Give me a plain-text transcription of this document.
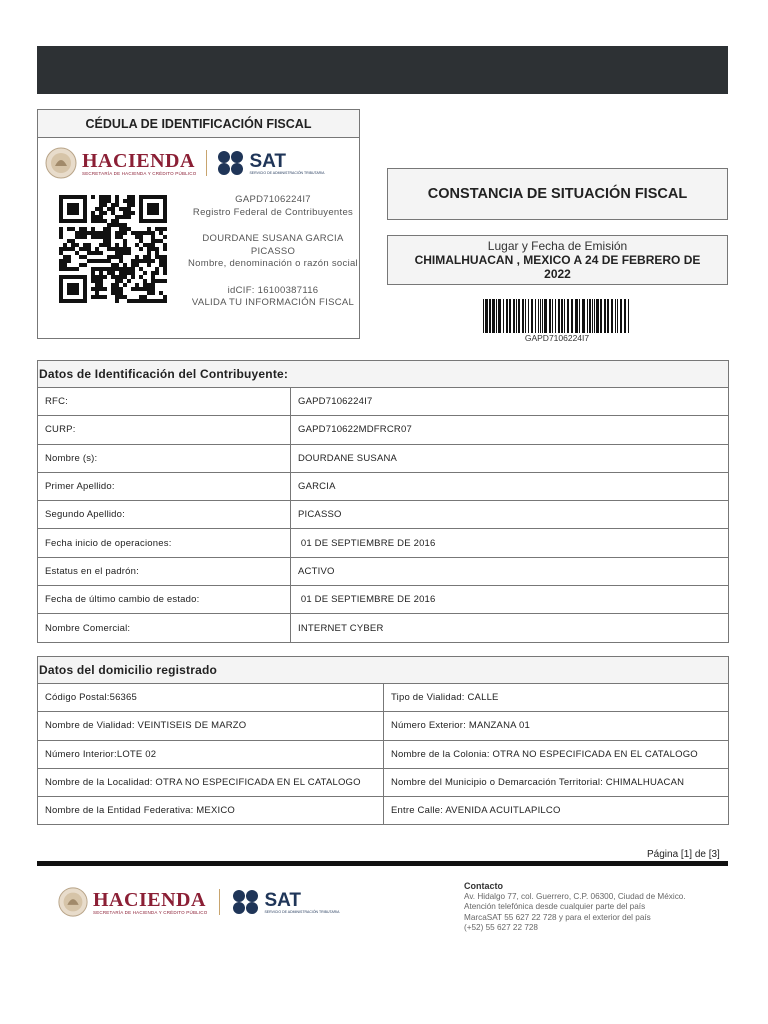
CÉDULA DE IDENTIFICACIÓN FISCAL
HACIENDA
SECRETARÍA DE HACIENDA Y CRÉDITO PÚBLICO
SAT
SERVICIO DE ADMINISTRACIÓN TRIBUTARIA
GAPD7106224I7
Registro Federal de Contribuyentes
DOURDANE SUSANA GARCIA PICASSO
Nombre, denominación o razón social
idCIF: 16100387116
VALIDA TU INFORMACIÓN FISCAL
CONSTANCIA DE SITUACIÓN FISCAL
Lugar y Fecha de Emisión
CHIMALHUACAN , MEXICO A 24 DE FEBRERO DE 2022
GAPD7106224I7
Datos de Identificación del Contribuyente:	
RFC:	GAPD7106224I7
CURP:	GAPD710622MDFRCR07
Nombre (s):	DOURDANE SUSANA
Primer Apellido:	GARCIA
Segundo Apellido:	PICASSO
Fecha inicio de operaciones:	01 DE SEPTIEMBRE DE 2016
Estatus en el padrón:	ACTIVO
Fecha de último cambio de estado:	01 DE SEPTIEMBRE DE 2016
Nombre Comercial:	INTERNET CYBER
Datos del domicilio registrado	
Código Postal:56365	Tipo de Vialidad: CALLE
Nombre de Vialidad: VEINTISEIS DE MARZO	Número Exterior: MANZANA 01
Número Interior:LOTE 02	Nombre de la Colonia: OTRA NO ESPECIFICADA EN EL CATALOGO
Nombre de la Localidad: OTRA NO ESPECIFICADA EN EL CATALOGO	Nombre del Municipio o Demarcación Territorial: CHIMALHUACAN
Nombre de la Entidad Federativa: MEXICO	Entre Calle: AVENIDA ACUITLAPILCO
Página [1] de [3]
HACIENDA
SECRETARÍA DE HACIENDA Y CRÉDITO PÚBLICO
SAT
SERVICIO DE ADMINISTRACIÓN TRIBUTARIA
Contacto
Av. Hidalgo 77, col. Guerrero, C.P. 06300, Ciudad de México.
Atención telefónica desde cualquier parte del país
MarcaSAT 55 627 22 728 y para el exterior del país
(+52) 55 627 22 728
